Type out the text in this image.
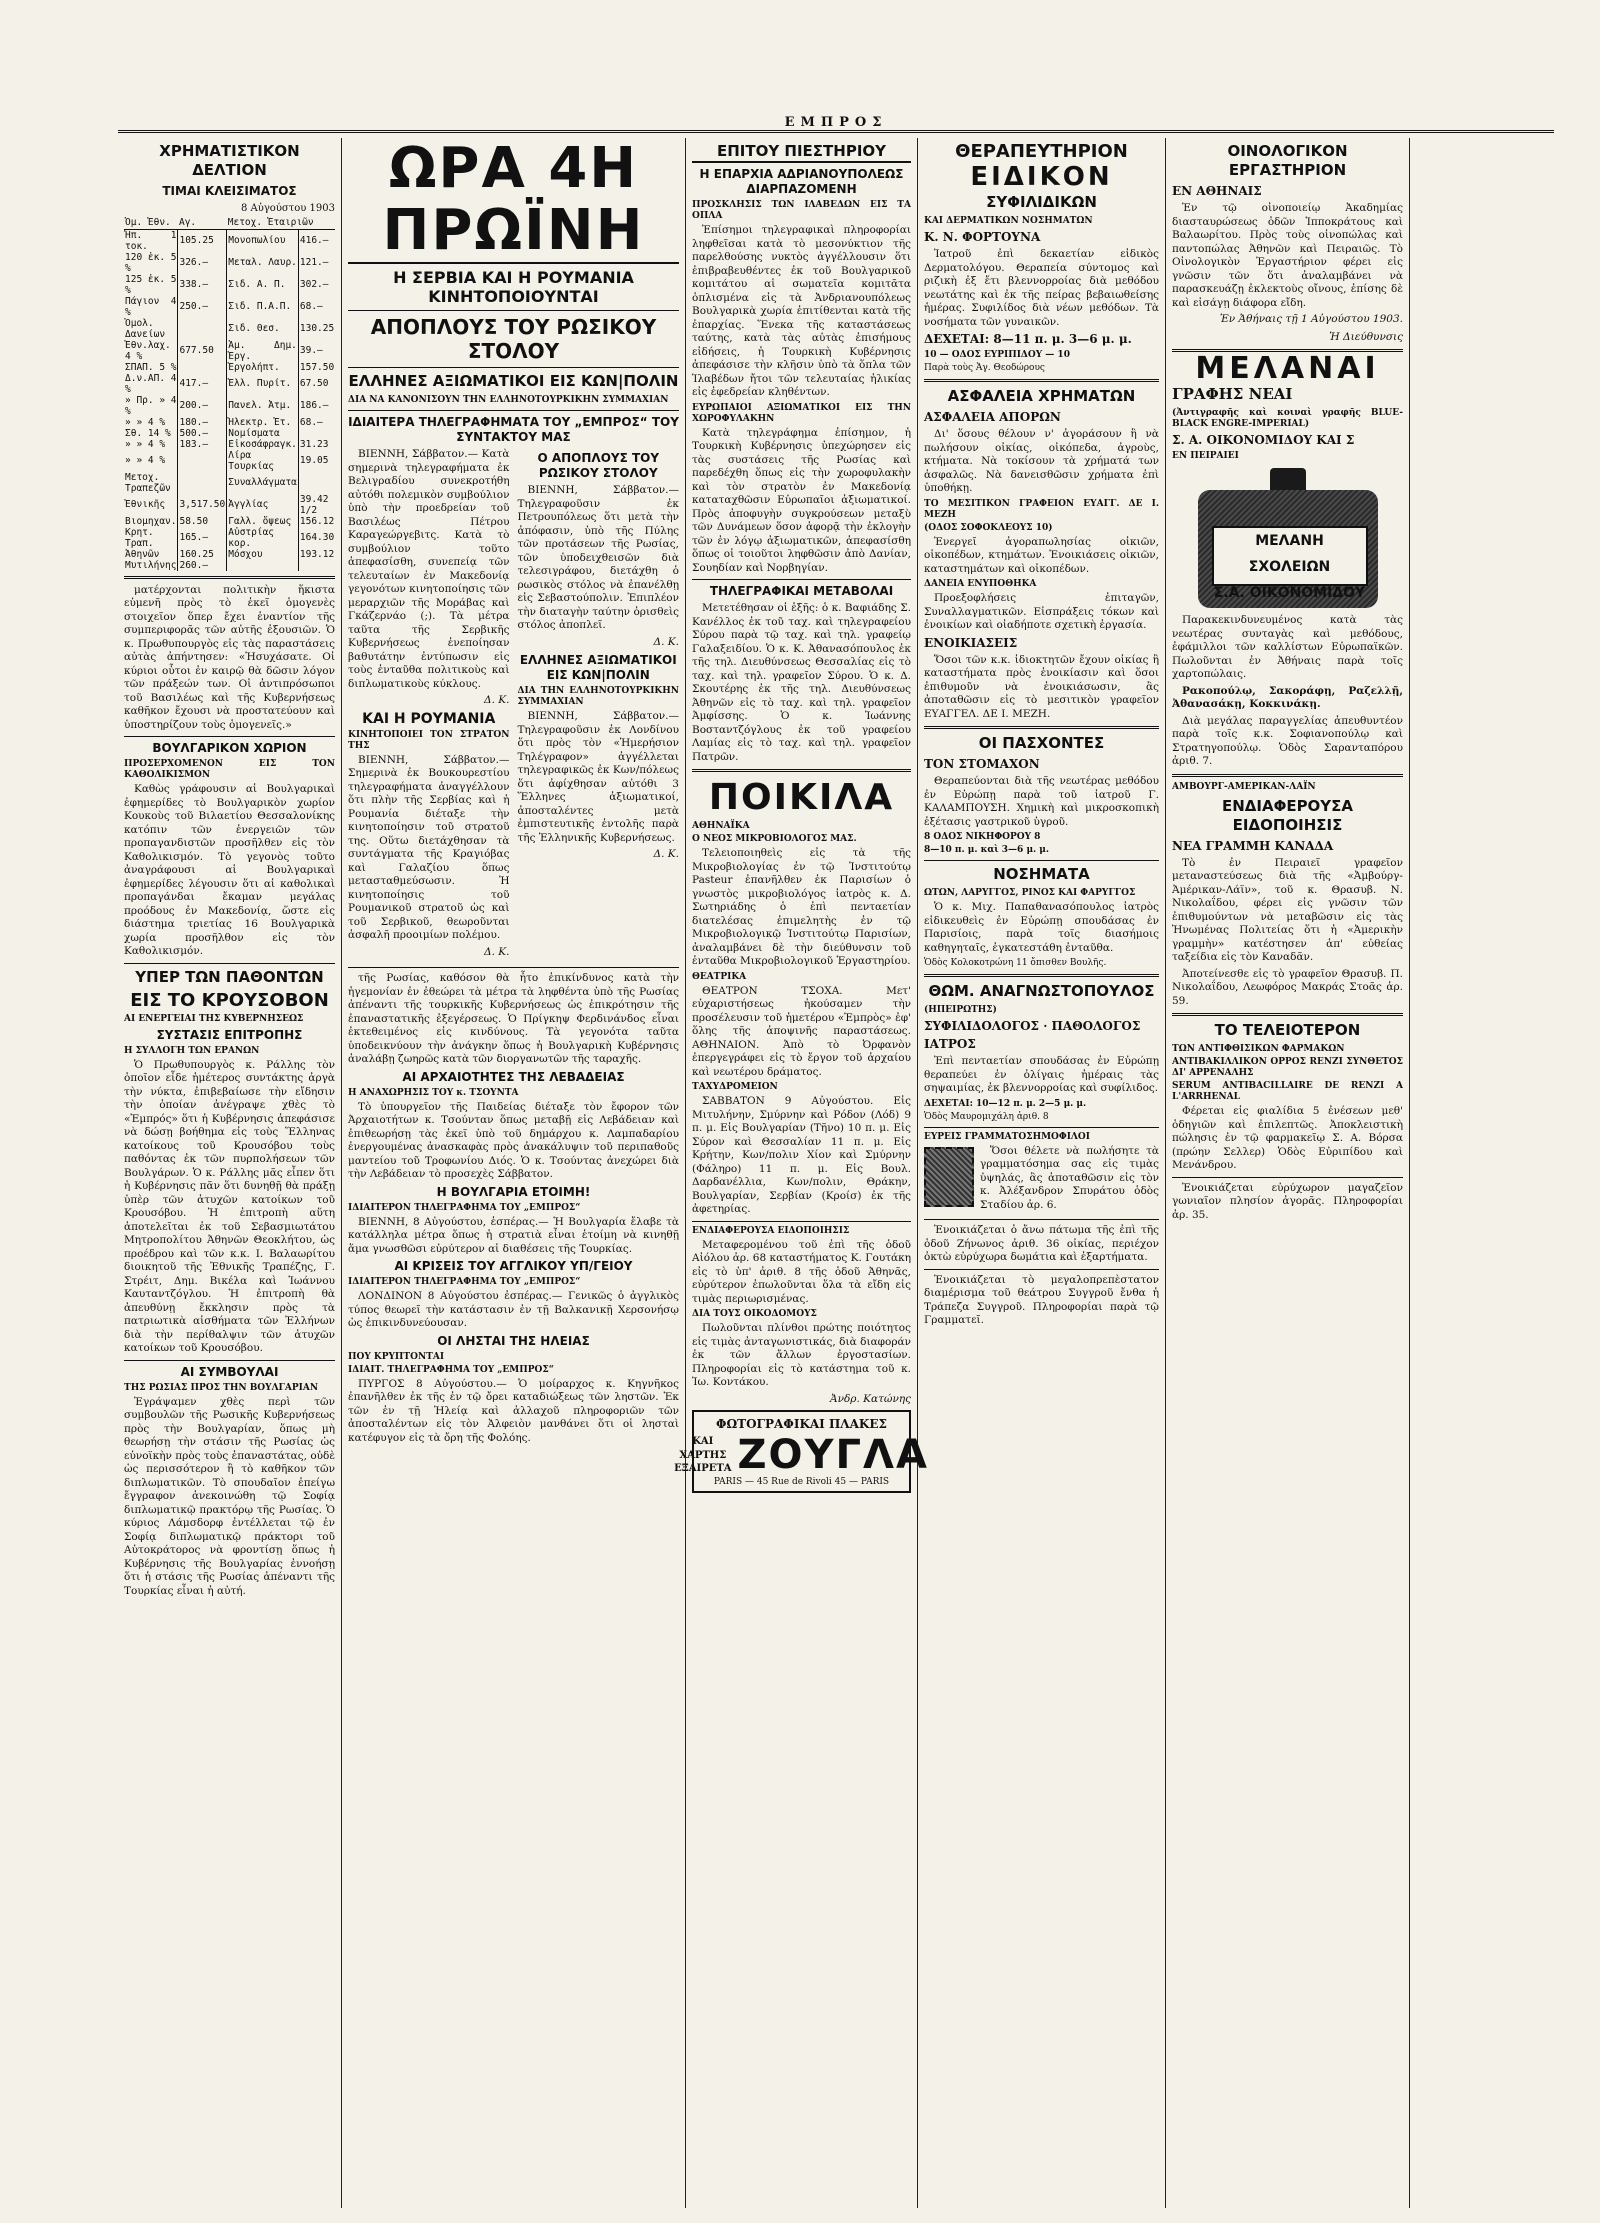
ΕΜΠΡΟΣ
ΧΡΗΜΑΤΙΣΤΙΚΟΝ ΔΕΛΤΙΟΝ
ΤΙΜΑΙ ΚΛΕΙΣΙΜΑΤΟΣ
8 Αὐγούστου 1903
Ὀμ. Ἐθν.	Αγ.	Μετοχ. Ἑταιριῶν	
Ἠπ. 1 τοκ.	105.25	Μονοπωλίου	416.—
120 ἐκ. 5 %	326.—	Μεταλ. Λαυρ.	121.—
125 ἐκ. 5 %	338.—	Σιδ. Α. Π.	302.—
Πάγιον 4 %	250.—	Σιδ. Π.Α.Π.	68.—
Ὁμολ. Δανείων		Σιδ. Θεσ.	130.25
Ἐθν.λαχ. 4 %	677.50	Ἁμ. Δημ. Ἐργ.	39.—
ΣΠΑΠ. 5 %		Ἐργολήπτ.	157.50
Δ.ν.ΑΠ. 4 %	417.—	Ἑλλ. Πυρίτ.	67.50
» Πρ. » 4 %	200.—	Πανελ. Ἀτμ.	186.—
» » 4 %	180.—	Ἠλεκτρ. Ἑτ.	68.—
Σθ. 14 %	500.—	Νομίσματα	
» » 4 %	183.—	Εἰκοσάφραγκ.	31.23
» » 4 %		Λίρα Τουρκίας	19.05
Μετοχ. Τραπεζῶν		Συναλλάγματα	
Ἐθνικῆς	3,517.50	Ἀγγλίας	39.42 1/2
Βιομηχαν.	58.50	Γαλλ. ὄψεως	156.12
Κρητ. Τραπ.	165.—	Αὐστρίας κορ.	164.30
Ἀθηνῶν	160.25	Μόσχου	193.12
Μυτιλήνης	260.—		

ματέρχονται πολιτικὴν ἥκιστα εὐμενῆ πρὸς τὸ ἐκεῖ ὁμογενὲς στοιχεῖον ὅπερ ἔχει ἐναντίον τῆς συμπεριφορᾶς τῶν αὐτῆς ἐξουσιῶν. Ὁ κ. Πρωθυπουργὸς εἰς τὰς παραστάσεις αὐτὰς ἀπήντησεν: «Ἠσυχάσατε. Οἱ κύριοι οὗτοι ἐν καιρῷ θὰ δῶσιν λόγον τῶν πράξεών των. Οἱ ἀντιπρόσωποι τοῦ Βασιλέως καὶ τῆς Κυβερνήσεως καθῆκον ἔχουσι νὰ προστατεύουν καὶ ὑποστηρίζουν τοὺς ὁμογενεῖς.»

ΒΟΥΛΓΑΡΙΚΟΝ ΧΩΡΙΟΝ
ΠΡΟΣΕΡΧΟΜΕΝΟΝ ΕΙΣ ΤΟΝ ΚΑΘΟΛΙΚΙΣΜΟΝ

Καθὼς γράφουσιν αἱ Βουλγαρικαὶ ἐφημερίδες τὸ Βουλγαρικὸν χωρίον Κουκοὺς τοῦ Βιλαετίου Θεσσαλονίκης κατόπιν τῶν ἐνεργειῶν τῶν προπαγανδιστῶν προσῆλθεν εἰς τὸν Καθολικισμόν. Τὸ γεγονὸς τοῦτο ἀναγράφουσι αἱ Βουλγαρικαὶ ἐφημερίδες λέγουσιν ὅτι αἱ καθολικαὶ προπαγάνδαι ἔκαμαν μεγάλας προόδους ἐν Μακεδονίᾳ, ὥστε εἰς διάστημα τριετίας 16 Βουλγαρικὰ χωρία προσῆλθον εἰς τὸν Καθολικισμόν.

ΥΠΕΡ ΤΩΝ ΠΑΘΟΝΤΩΝ
ΕΙΣ ΤΟ ΚΡΟΥΣΟΒΟΝ
ΑΙ ΕΝΕΡΓΕΙΑΙ ΤΗΣ ΚΥΒΕΡΝΗΣΕΩΣ
ΣΥΣΤΑΣΙΣ ΕΠΙΤΡΟΠΗΣ
Η ΣΥΛΛΟΓΗ ΤΩΝ ΕΡΑΝΩΝ

Ὁ Πρωθυπουργὸς κ. Ράλλης τὸν ὁποῖον εἶδε ἡμέτερος συντάκτης ἀργὰ τὴν νύκτα, ἐπιβεβαίωσε τὴν εἴδησιν τὴν ὁποίαν ἀνέγραψε χθὲς τὸ «Ἐμπρός» ὅτι ἡ Κυβέρνησις ἀπεφάσισε νὰ δώσῃ βοήθημα εἰς τοὺς Ἕλληνας κατοίκους τοῦ Κρουσόβου τοὺς παθόντας ἐκ τῶν πυρπολήσεων τῶν Βουλγάρων. Ὁ κ. Ράλλης μᾶς εἶπεν ὅτι ἡ Κυβέρνησις πᾶν ὅτι δυνηθῇ θὰ πράξῃ ὑπὲρ τῶν ἀτυχῶν κατοίκων τοῦ Κρουσόβου. Ἡ ἐπιτροπὴ αὕτη ἀποτελεῖται ἐκ τοῦ Σεβασμιωτάτου Μητροπολίτου Ἀθηνῶν Θεοκλήτου, ὡς προέδρου καὶ τῶν κ.κ. Ι. Βαλαωρίτου διοικητοῦ τῆς Ἐθνικῆς Τραπέζης, Γ. Στρέιτ, Δημ. Βικέλα καὶ Ἰωάννου Καυταντζόγλου. Ἡ ἐπιτροπὴ θὰ ἀπευθύνῃ ἔκκλησιν πρὸς τὰ πατριωτικὰ αἰσθήματα τῶν Ἑλλήνων διὰ τὴν περίθαλψιν τῶν ἀτυχῶν κατοίκων τοῦ Κρουσόβου.

ΑΙ ΣΥΜΒΟΥΛΑΙ
ΤΗΣ ΡΩΣΙΑΣ ΠΡΟΣ ΤΗΝ ΒΟΥΛΓΑΡΙΑΝ

Ἐγράψαμεν χθὲς περὶ τῶν συμβουλῶν τῆς Ρωσικῆς Κυβερνήσεως πρὸς τὴν Βουλγαρίαν, ὅπως μὴ θεωρήσῃ τὴν στάσιν τῆς Ρωσίας ὡς εὐνοϊκὴν πρὸς τοὺς ἐπαναστάτας, οὐδὲ ὡς περισσότερον ἢ τὸ καθῆκον τῶν διπλωματικῶν. Τὸ σπουδαῖον ἐπείγω ἔγγραφον ἀνεκοινώθη τῷ Σοφίᾳ διπλωματικῷ πρακτόρῳ τῆς Ρωσίας. Ὁ κύριος Λάμσδορφ ἐντέλλεται τῷ ἐν Σοφίᾳ διπλωματικῷ πράκτορι τοῦ Αὐτοκράτορος νὰ φροντίσῃ ὅπως ἡ Κυβέρνησις τῆς Βουλγαρίας ἐννοήσῃ ὅτι ἡ στάσις τῆς Ρωσίας ἀπέναντι τῆς Τουρκίας εἶναι ἡ αὐτή.

ΩΡΑ 4Η ΠΡΩΪΝΗ
Η ΣΕΡΒΙΑ ΚΑΙ Η ΡΟΥΜΑΝΙΑ ΚΙΝΗΤΟΠΟΙΟΥΝΤΑΙ
ΑΠΟΠΛΟΥΣ ΤΟΥ ΡΩΣΙΚΟΥ ΣΤΟΛΟΥ
ΕΛΛΗΝΕΣ ΑΞΙΩΜΑΤΙΚΟΙ ΕΙΣ ΚΩΝ|ΠΟΛΙΝ
ΔΙΑ ΝΑ ΚΑΝΟΝΙΣΟΥΝ ΤΗΝ ΕΛΛΗΝΟΤΟΥΡΚΙΚΗΝ ΣΥΜΜΑΧΙΑΝ
ΙΔΙΑΙΤΕΡΑ ΤΗΛΕΓΡΑΦΗΜΑΤΑ ΤΟΥ „ΕΜΠΡΟΣ“ ΤΟΥ ΣΥΝΤΑΚΤΟΥ ΜΑΣ

ΒΙΕΝΝΗ, Σάββατον.— Κατὰ σημερινὰ τηλεγραφήματα ἐκ Βελιγραδίου συνεκροτήθη αὐτόθι πολεμικὸν συμβούλιον ὑπὸ τὴν προεδρείαν τοῦ Βασιλέως Πέτρου Καραγεώργεβιτς. Κατὰ τὸ συμβούλιον τοῦτο ἀπεφασίσθη, συνεπείᾳ τῶν τελευταίων ἐν Μακεδονίᾳ γεγονότων κινητοποίησις τῶν μεραρχιῶν τῆς Μοράβας καὶ Γκάζερνάο (;). Τὰ μέτρα ταῦτα τῆς Σερβικῆς Κυβερνήσεως ἐνεποίησαν βαθυτάτην ἐντύπωσιν εἰς τοὺς ἐνταῦθα πολιτικοὺς καὶ διπλωματικοὺς κύκλους.

Δ. Κ.
ΚΑΙ Η ΡΟΥΜΑΝΙΑ
ΚΙΝΗΤΟΠΟΙΕΙ ΤΟΝ ΣΤΡΑΤΟΝ ΤΗΣ

ΒΙΕΝΝΗ, Σάββατον.— Σημερινὰ ἐκ Βουκουρεστίου τηλεγραφήματα ἀναγγέλλουν ὅτι πλὴν τῆς Σερβίας καὶ ἡ Ρουμανία διέταξε τὴν κινητοποίησιν τοῦ στρατοῦ της. Οὕτω διετάχθησαν τὰ συντάγματα τῆς Κραγιόβας καὶ Γαλαζίου ὅπως μετασταθμεύσωσιν. Ἡ κινητοποίησις τοῦ Ρουμανικοῦ στρατοῦ ὡς καὶ τοῦ Σερβικοῦ, θεωροῦνται ἀσφαλῆ προοιμίων πολέμου.

Δ. Κ.
Ο ΑΠΟΠΛΟΥΣ ΤΟΥ ΡΩΣΙΚΟΥ ΣΤΟΛΟΥ

ΒΙΕΝΝΗ, Σάββατον.— Τηλεγραφοῦσιν ἐκ Πετρουπόλεως ὅτι μετὰ τὴν ἀπόφασιν, ὑπὸ τῆς Πύλης τῶν προτάσεων τῆς Ρωσίας, τῶν ὑποδειχθεισῶν διὰ τελεσιγράφου, διετάχθη ὁ ρωσικὸς στόλος νὰ ἐπανέλθῃ εἰς Σεβαστούπολιν. Ἐπιπλέον τὴν διαταγὴν ταύτην ὁρισθεὶς στόλος ἀποπλεῖ.

Δ. Κ.
ΕΛΛΗΝΕΣ ΑΞΙΩΜΑΤΙΚΟΙ ΕΙΣ ΚΩΝ|ΠΟΛΙΝ
ΔΙΑ ΤΗΝ ΕΛΛΗΝΟΤΟΥΡΚΙΚΗΝ ΣΥΜΜΑΧΙΑΝ

ΒΙΕΝΝΗ, Σάββατον.— Τηλεγραφοῦσιν ἐκ Λονδίνου ὅτι πρὸς τὸν «Ἡμερήσιον Τηλέγραφον» ἀγγέλλεται τηλεγραφικῶς ἐκ Κων/πόλεως ὅτι ἀφίχθησαν αὐτόθι 3 Ἕλληνες ἀξιωματικοί, ἀποσταλέντες μετὰ ἐμπιστευτικῆς ἐντολῆς παρὰ τῆς Ἑλληνικῆς Κυβερνήσεως.

Δ. Κ.

τῆς Ρωσίας, καθόσον θὰ ἦτο ἐπικίνδυνος κατὰ τὴν ἡγεμονίαν ἐν ἐθεώρει τὰ μέτρα τὰ ληφθέντα ὑπὸ τῆς Ρωσίας ἀπέναντι τῆς τουρκικῆς Κυβερνήσεως ὡς ἐπικρότησιν τῆς ἐπαναστατικῆς ἐξεγέρσεως. Ὁ Πρίγκηψ Φερδινάνδος εἶναι ἐκτεθειμένος εἰς κινδύνους. Τὰ γεγονότα ταῦτα ὑποδεικνύουν τὴν ἀνάγκην ὅπως ἡ Βουλγαρικὴ Κυβέρνησις ἀναλάβῃ ζωηρῶς κατὰ τῶν διοργανωτῶν τῆς ταραχῆς.

ΑΙ ΑΡΧΑΙΟΤΗΤΕΣ ΤΗΣ ΛΕΒΑΔΕΙΑΣ
Η ΑΝΑΧΩΡΗΣΙΣ ΤΟΥ κ. ΤΣΟΥΝΤΑ

Τὸ ὑπουργεῖον τῆς Παιδείας διέταξε τὸν ἔφορον τῶν Ἀρχαιοτήτων κ. Τσούνταν ὅπως μεταβῇ εἰς Λεβάδειαν καὶ ἐπιθεωρήσῃ τὰς ἐκεῖ ὑπὸ τοῦ δημάρχου κ. Λαμπαδαρίου ἐνεργουμένας ἀνασκαφὰς πρὸς ἀνακάλυψιν τοῦ περιπαθοῦς μαντείου τοῦ Τροφωνίου Διός. Ὁ κ. Τσούντας ἀνεχώρει διὰ τὴν Λεβάδειαν τὸ προσεχὲς Σάββατον.

Η ΒΟΥΛΓΑΡΙΑ ΕΤΟΙΜΗ!
ΙΔΙΑΙΤΕΡΟΝ ΤΗΛΕΓΡΑΦΗΜΑ ΤΟΥ „ΕΜΠΡΟΣ“

ΒΙΕΝΝΗ, 8 Αὐγούστου, ἐσπέρας.— Ἡ Βουλγαρία ἔλαβε τὰ κατάλληλα μέτρα ὅπως ἡ στρατιὰ εἶναι ἑτοίμη νὰ κινηθῇ ἅμα γνωσθῶσι εὐρύτερον αἱ διαθέσεις τῆς Τουρκίας.

ΑΙ ΚΡΙΣΕΙΣ ΤΟΥ ΑΓΓΛΙΚΟΥ ΥΠ/ΓΕΙΟΥ
ΙΔΙΑΙΤΕΡΟΝ ΤΗΛΕΓΡΑΦΗΜΑ ΤΟΥ „ΕΜΠΡΟΣ“

ΛΟΝΔΙΝΟΝ 8 Αὐγούστου ἐσπέρας.— Γενικῶς ὁ ἀγγλικὸς τύπος θεωρεῖ τὴν κατάστασιν ἐν τῇ Βαλκανικῇ Χερσονήσῳ ὡς ἐπικινδυνεύουσαν.

ΟΙ ΛΗΣΤΑΙ ΤΗΣ ΗΛΕΙΑΣ
ΠΟΥ ΚΡΥΠΤΟΝΤΑΙ
ΙΔΙΑΙΤ. ΤΗΛΕΓΡΑΦΗΜΑ ΤΟΥ „ΕΜΠΡΟΣ“

ΠΥΡΓΟΣ 8 Αὐγούστου.— Ὁ μοίραρχος κ. Κηγνῆκος ἐπανῆλθεν ἐκ τῆς ἐν τῷ ὄρει καταδιώξεως τῶν ληστῶν. Ἐκ τῶν ἐν τῇ Ἠλείᾳ καὶ ἀλλαχοῦ πληροφοριῶν τῶν ἀποσταλέντων εἰς τὸν Ἀλφειὸν μανθάνει ὅτι οἱ λησταὶ κατέφυγον εἰς τὰ ὄρη τῆς Φολόης.

ΕΠΙΤΟΥ ΠΙΕΣΤΗΡΙΟΥ
Η ΕΠΑΡΧΙΑ ΑΔΡΙΑΝΟΥΠΟΛΕΩΣ ΔΙΑΡΠΑΖΟΜΕΝΗ
ΠΡΟΣΚΛΗΣΙΣ ΤΩΝ ΙΛΑΒΕΔΩΝ ΕΙΣ ΤΑ ΟΠΛΑ

Ἐπίσημοι τηλεγραφικαὶ πληροφορίαι ληφθεῖσαι κατὰ τὸ μεσονύκτιον τῆς παρελθούσης νυκτὸς ἀγγέλλουσιν ὅτι ἐπιβραβευθέντες ἐκ τοῦ Βουλγαρικοῦ κομιτάτου αἱ σωματεῖα κομιτᾶτα ὁπλισμένα εἰς τὰ Ἀνδριανουπόλεως Βουλγαρικὰ χωρία ἐπιτίθενται κατὰ τῆς ἐπαρχίας. Ἕνεκα τῆς καταστάσεως ταύτης, κατὰ τὰς αὐτὰς ἐπισήμους εἰδήσεις, ἡ Τουρκικὴ Κυβέρνησις ἀπεφάσισε τὴν κλῆσιν ὑπὸ τὰ ὅπλα τῶν Ἰλαβέδων ἤτοι τῶν τελευταίας ἡλικίας εἰς ἐφεδρείαν κληθέντων.

ΕΥΡΩΠΑΙΟΙ ΑΞΙΩΜΑΤΙΚΟΙ ΕΙΣ ΤΗΝ ΧΩΡΟΦΥΛΑΚΗΝ

Κατὰ τηλεγράφημα ἐπίσημον, ἡ Τουρκικὴ Κυβέρνησις ὑπεχώρησεν εἰς τὰς συστάσεις τῆς Ρωσίας καὶ παρεδέχθη ὅπως εἰς τὴν χωροφυλακὴν καὶ τὸν στρατὸν ἐν Μακεδονίᾳ καταταχθῶσιν Εὐρωπαῖοι ἀξιωματικοί. Πρὸς ἀποφυγὴν συγκρούσεων μεταξὺ τῶν Δυνάμεων ὅσον ἀφορᾷ τὴν ἐκλογὴν τῶν ἐν λόγῳ ἀξιωματικῶν, ἀπεφασίσθη ὅπως οἱ τοιοῦτοι ληφθῶσιν ἀπὸ Δανίαν, Σουηδίαν καὶ Νορβηγίαν.

ΤΗΛΕΓΡΑΦΙΚΑΙ ΜΕΤΑΒΟΛΑΙ

Μετετέθησαν οἱ ἑξῆς: ὁ κ. Βαφιάδης Σ. Κανέλλος ἐκ τοῦ ταχ. καὶ τηλεγραφείου Σύρου παρὰ τῷ ταχ. καὶ τηλ. γραφείῳ Γαλαξειδίου. Ὁ κ. Κ. Ἀθανασόπουλος ἐκ τῆς τηλ. Διευθύνσεως Θεσσαλίας εἰς τὸ ταχ. καὶ τηλ. γραφεῖον Σύρου. Ὁ κ. Δ. Σκουτέρης ἐκ τῆς τηλ. Διευθύνσεως Ἀθηνῶν εἰς τὸ ταχ. καὶ τηλ. γραφεῖον Ἀμφίσσης. Ὁ κ. Ἰωάννης Βοσταντζόγλους ἐκ τοῦ γραφείου Λαμίας εἰς τὸ ταχ. καὶ τηλ. γραφεῖον Πατρῶν.

ΠΟΙΚΙΛΑ
ΑΘΗΝΑΪΚΑ
Ο ΝΕΟΣ ΜΙΚΡΟΒΙΟΛΟΓΟΣ ΜΑΣ.

Τελειοποιηθεὶς εἰς τὰ τῆς Μικροβιολογίας ἐν τῷ Ἰνστιτούτῳ Pasteur ἐπανῆλθεν ἐκ Παρισίων ὁ γνωστὸς μικροβιολόγος ἰατρὸς κ. Δ. Σωτηριάδης ὁ ἐπὶ πενταετίαν διατελέσας ἐπιμελητὴς ἐν τῷ Μικροβιολογικῷ Ἰνστιτούτῳ Παρισίων, ἀναλαμβάνει δὲ τὴν διεύθυνσιν τοῦ ἐνταῦθα Μικροβιολογικοῦ Ἐργαστηρίου.

ΘΕΑΤΡΙΚΑ

ΘΕΑΤΡΟΝ ΤΣΟΧΑ. Μετ' εὐχαριστήσεως ἠκούσαμεν τὴν προσέλευσιν τοῦ ἡμετέρου «Ἐμπρὸς» ἐφ' ὅλης τῆς ἀποψινῆς παραστάσεως. ΑΘΗΝΑΙΟΝ. Ἀπὸ τὸ Ὀρφανὸν ἐπεργεγράφει εἰς τὸ ἔργον τοῦ ἀρχαίου καὶ νεωτέρου δράματος.

ΤΑΧΥΔΡΟΜΕΙΟΝ

ΣΑΒΒΑΤΟΝ 9 Αὐγούστου. Εἰς Μιτυλήνην, Σμύρνην καὶ Ρόδον (Λόδ) 9 π. μ. Εἰς Βουλγαρίαν (Τῆνο) 10 π. μ. Εἰς Σύρον καὶ Θεσσαλίαν 11 π. μ. Εἰς Κρήτην, Κων/πολιν Χίον καὶ Σμύρνην (Φάληρο) 11 π. μ. Εἰς Βουλ. Δαρδανέλλια, Κων/πολιν, Θράκην, Βουλγαρίαν, Σερβίαν (Κροίσ) ἐκ τῆς ἀφετηρίας.

ΕΝΔΙΑΦΕΡΟΥΣΑ ΕΙΔΟΠΟΙΗΣΙΣ

Μεταφερομένου τοῦ ἐπὶ τῆς ὁδοῦ Αἰόλου ἀρ. 68 καταστήματος Κ. Γουτάκη εἰς τὸ ὑπ' ἀριθ. 8 τῆς ὁδοῦ Ἀθηνᾶς, εὐρύτερον ἐπωλοῦνται ὅλα τὰ εἴδη εἰς τιμὰς περιωρισμένας.

ΔΙΑ ΤΟΥΣ ΟΙΚΟΔΟΜΟΥΣ

Πωλοῦνται πλίνθοι πρώτης ποιότητος εἰς τιμὰς ἀνταγωνιστικάς, διὰ διαφοράν ἐκ τῶν ἄλλων ἐργοστασίων. Πληροφορίαι εἰς τὸ κατάστημα τοῦ κ. Ἰω. Κοντάκου.

Ἀνδρ. Κατώνης
ΦΩΤΟΓΡΑΦΙΚΑΙ ΠΛΑΚΕΣ
ΚΑΙ
ΧΑΡΤΗΣ
ΕΞΑΙΡΕΤΑ ΖΟΥΓΛΑ
PARIS — 45 Rue de Rivoli 45 — PARIS
ΘΕΡΑΠΕΥΤΗΡΙΟΝ
ΕΙΔΙΚΟΝ
ΣΥΦΙΛΙΔΙΚΩΝ
ΚΑΙ ΔΕΡΜΑΤΙΚΩΝ ΝΟΣΗΜΑΤΩΝ
Κ. Ν. ΦΟΡΤΟΥΝΑ

Ἰατροῦ ἐπὶ δεκαετίαν εἰδικὸς Δερματολόγου. Θεραπεία σύντομος καὶ ριζικὴ ἐξ ἔτι βλεννορροίας διὰ μεθόδου νεωτάτης καὶ ἐκ τῆς πείρας βεβαιωθείσης ἡμέρας. Συφιλίδος διὰ νέων μεθόδων. Τὰ νοσήματα τῶν γυναικῶν.

ΔΕΧΕΤΑΙ: 8—11 π. μ. 3—6 μ. μ.
10 — ΟΔΟΣ ΕΥΡΙΠΙΔΟΥ — 10
Παρὰ τοὺς Ἁγ. Θεοδώρους
ΑΣΦΑΛΕΙΑ ΧΡΗΜΑΤΩΝ
ΑΣΦΑΛΕΙΑ ΑΠΟΡΩΝ

Δι' ὅσους θέλουν ν' ἀγοράσουν ἢ νὰ πωλήσουν οἰκίας, οἰκόπεδα, ἀγροὺς, κτήματα. Νὰ τοκίσουν τὰ χρήματά των ἀσφαλῶς. Νὰ δανεισθῶσιν χρήματα ἐπὶ ὑποθήκῃ.

ΤΟ ΜΕΣΙΤΙΚΟΝ ΓΡΑΦΕΙΟΝ ΕΥΑΓΓ. ΔΕ Ι. ΜΕΖΗ
(ΟΔΟΣ ΣΟΦΟΚΛΕΟΥΣ 10)

Ἐνεργεῖ ἀγοραπωλησίας οἰκιῶν, οἰκοπέδων, κτημάτων. Ἐνοικιάσεις οἰκιῶν, καταστημάτων καὶ οἰκοπέδων.

ΔΑΝΕΙΑ ΕΝΥΠΟΘΗΚΑ

Προεξοφλήσεις ἐπιταγῶν, Συναλλαγματικῶν. Εἰσπράξεις τόκων καὶ ἐνοικίων καὶ οἱαδήποτε σχετικὴ ἐργασία.

ΕΝΟΙΚΙΑΣΕΙΣ

Ὅσοι τῶν κ.κ. ἰδιοκτητῶν ἔχουν οἰκίας ἢ καταστήματα πρὸς ἐνοικίασιν καὶ ὅσοι ἐπιθυμοῦν νὰ ἐνοικιάσωσιν, ἂς ἀποταθῶσιν εἰς τὸ μεσιτικὸν γραφεῖον ΕΥΑΓΓΕΛ. ΔΕ Ι. ΜΕΖΗ.

ΟΙ ΠΑΣΧΟΝΤΕΣ
ΤΟΝ ΣΤΟΜΑΧΟΝ

Θεραπεύονται διὰ τῆς νεωτέρας μεθόδου ἐν Εὐρώπῃ παρὰ τοῦ ἰατροῦ Γ. ΚΑΛΑΜΠΟΥΣΗ. Χημικὴ καὶ μικροσκοπικὴ ἐξέτασις γαστρικοῦ ὑγροῦ.

8 ΟΔΟΣ ΝΙΚΗΦΟΡΟΥ 8
8—10 π. μ. καὶ 3—6 μ. μ.
ΝΟΣΗΜΑΤΑ
ΩΤΩΝ, ΛΑΡΥΓΓΟΣ, ΡΙΝΟΣ ΚΑΙ ΦΑΡΥΓΓΟΣ

Ὁ κ. Μιχ. Παπαθανασόπουλος ἰατρὸς εἰδικευθεὶς ἐν Εὐρώπῃ σπουδάσας ἐν Παρισίοις, παρὰ τοῖς διασήμοις καθηγηταῖς, ἐγκατεστάθη ἐνταῦθα.

Ὁδὸς Κολοκοτρώνη 11 ὄπισθεν Βουλῆς.
ΘΩΜ. ΑΝΑΓΝΩΣΤΟΠΟΥΛΟΣ
(ΗΠΕΙΡΩΤΗΣ)
ΣΥΦΙΛΙΔΟΛΟΓΟΣ · ΠΑΘΟΛΟΓΟΣ
ΙΑΤΡΟΣ

Ἐπὶ πενταετίαν σπουδάσας ἐν Εὐρώπῃ θεραπεύει ἐν ὀλίγαις ἡμέραις τὰς σηψαιμίας, ἐκ βλεννορροίας καὶ συφίλιδος.

ΔΕΧΕΤΑΙ: 10—12 π. μ. 2—5 μ. μ.
Ὁδὸς Μαυρομιχάλη ἀριθ. 8
ΕΥΡΕΙΣ ΓΡΑΜΜΑΤΟΣΗΜΟΦΙΛΟΙ

Ὅσοι θέλετε νὰ πωλήσητε τὰ γραμματόσημα σας εἰς τιμὰς ὑψηλάς, ἂς ἀποταθῶσιν εἰς τὸν κ. Ἀλέξανδρον Σπυράτου ὁδὸς Σταδίου ἀρ. 6.

Ἐνοικιάζεται ὁ ἄνω πάτωμα τῆς ἐπὶ τῆς ὁδοῦ Ζήνωνος ἀριθ. 36 οἰκίας, περιέχον ὀκτὼ εὐρύχωρα δωμάτια καὶ ἐξαρτήματα.

Ἐνοικιάζεται τὸ μεγαλοπρεπὲστατον διαμέρισμα τοῦ θεάτρου Συγγροῦ ἔνθα ἡ Τράπεζα Συγγροῦ. Πληροφορίαι παρὰ τῷ Γραμματεῖ.

ΟΙΝΟΛΟΓΙΚΟΝ ΕΡΓΑΣΤΗΡΙΟΝ
ΕΝ ΑΘΗΝΑΙΣ

Ἐν τῷ οἰνοποιείῳ Ἀκαδημίας διασταυρώσεως ὁδῶν Ἱπποκράτους καὶ Βαλαωρίτου. Πρὸς τοὺς οἰνοπώλας καὶ παντοπώλας Ἀθηνῶν καὶ Πειραιῶς. Τὸ Οἰνολογικὸν Ἐργαστήριον φέρει εἰς γνῶσιν τῶν ὅτι ἀναλαμβάνει νὰ παρασκευάζῃ ἐκλεκτοὺς οἴνους, ἐπίσης δὲ καὶ εἰσάγῃ διάφορα εἴδη.

Ἐν Ἀθήναις τῇ 1 Αὐγούστου 1903.
Ἡ Διεύθυνσις
ΜΕΛΑΝΑΙ
ΓΡΑΦΗΣ ΝΕΑΙ
(Ἀντιγραφῆς καὶ κοιναὶ γραφῆς BLUE-BLACK ENGRE-IMPERIAL)
Σ. Α. ΟΙΚΟΝΟΜΙΔΟΥ ΚΑΙ Σ
ΕΝ ΠΕΙΡΑΙΕΙ
ΜΕΛΑΝΗ ΣΧΟΛΕΙΩΝ
Σ.Α. ΟΙΚΟΝΟΜΙΔΟΥ

Παρακεκινδυνευμένος κατὰ τὰς νεωτέρας συνταγὰς καὶ μεθόδους, ἐφάμιλλοι τῶν καλλίστων Εὐρωπαϊκῶν. Πωλοῦνται ἐν Ἀθήναις παρὰ τοῖς χαρτοπώλαις.

Ρακοπούλῳ, Σακοράφῃ, Ραζελλῇ, Ἀθανασάκῃ, Κοκκινάκῃ.

Διὰ μεγάλας παραγγελίας ἀπευθυντέον παρὰ τοῖς κ.κ. Σοφιανοπούλῳ καὶ Στρατηγοπούλῳ. Ὁδὸς Σαρανταπόρου ἀριθ. 7.

ΑΜΒΟΥΡΓ-ΑΜΕΡΙΚΑΝ-ΛΑΪΝ
ΕΝΔΙΑΦΕΡΟΥΣΑ ΕΙΔΟΠΟΙΗΣΙΣ
ΝΕΑ ΓΡΑΜΜΗ ΚΑΝΑΔΑ

Τὸ ἐν Πειραιεῖ γραφεῖον μεταναστεύσεως διὰ τῆς «Ἀμβούργ-Ἀμέρικαν-Λάϊν», τοῦ κ. Θρασυβ. Ν. Νικολαΐδου, φέρει εἰς γνῶσιν τῶν ἐπιθυμούντων νὰ μεταβῶσιν εἰς τὰς Ἡνωμένας Πολιτείας ὅτι ἡ «Ἀμερικὴν γραμμὴν» κατέστησεν ἀπ' εὐθείας ταξείδια εἰς τὸν Καναδᾶν.

Ἀποτείνεσθε εἰς τὸ γραφεῖον Θρασυβ. Π. Νικολαΐδου, Λεωφόρος Μακράς Στοᾶς ἀρ. 59.

ΤΟ ΤΕΛΕΙΟΤΕΡΟΝ
ΤΩΝ ΑΝΤΙΦΘΙΣΙΚΩΝ ΦΑΡΜΑΚΩΝ
ΑΝΤΙΒΑΚΙΛΛΙΚΟΝ ΟΡΡΟΣ RENZI ΣΥΝΘΕΤΟΣ ΔΙ' ΑΡΡΕΝΑΛΗΣ
SERUM ANTIBACILLAIRE DE RENZI A L'ARRHENAL

Φέρεται εἰς φιαλίδια 5 ἐνέσεων μεθ' ὁδηγιῶν καὶ ἐπιλεπτῶς. Ἀποκλειστικὴ πώλησις ἐν τῷ φαρμακεῖῳ Σ. Α. Βόρσα (πρώην Σελλερ) Ὁδὸς Εὐριπίδου καὶ Μενάνδρου.

Ἐνοικιάζεται εὐρύχωρον μαγαζεῖον γωνιαῖον πλησίον ἀγορᾶς. Πληροφορίαι ἀρ. 35.
